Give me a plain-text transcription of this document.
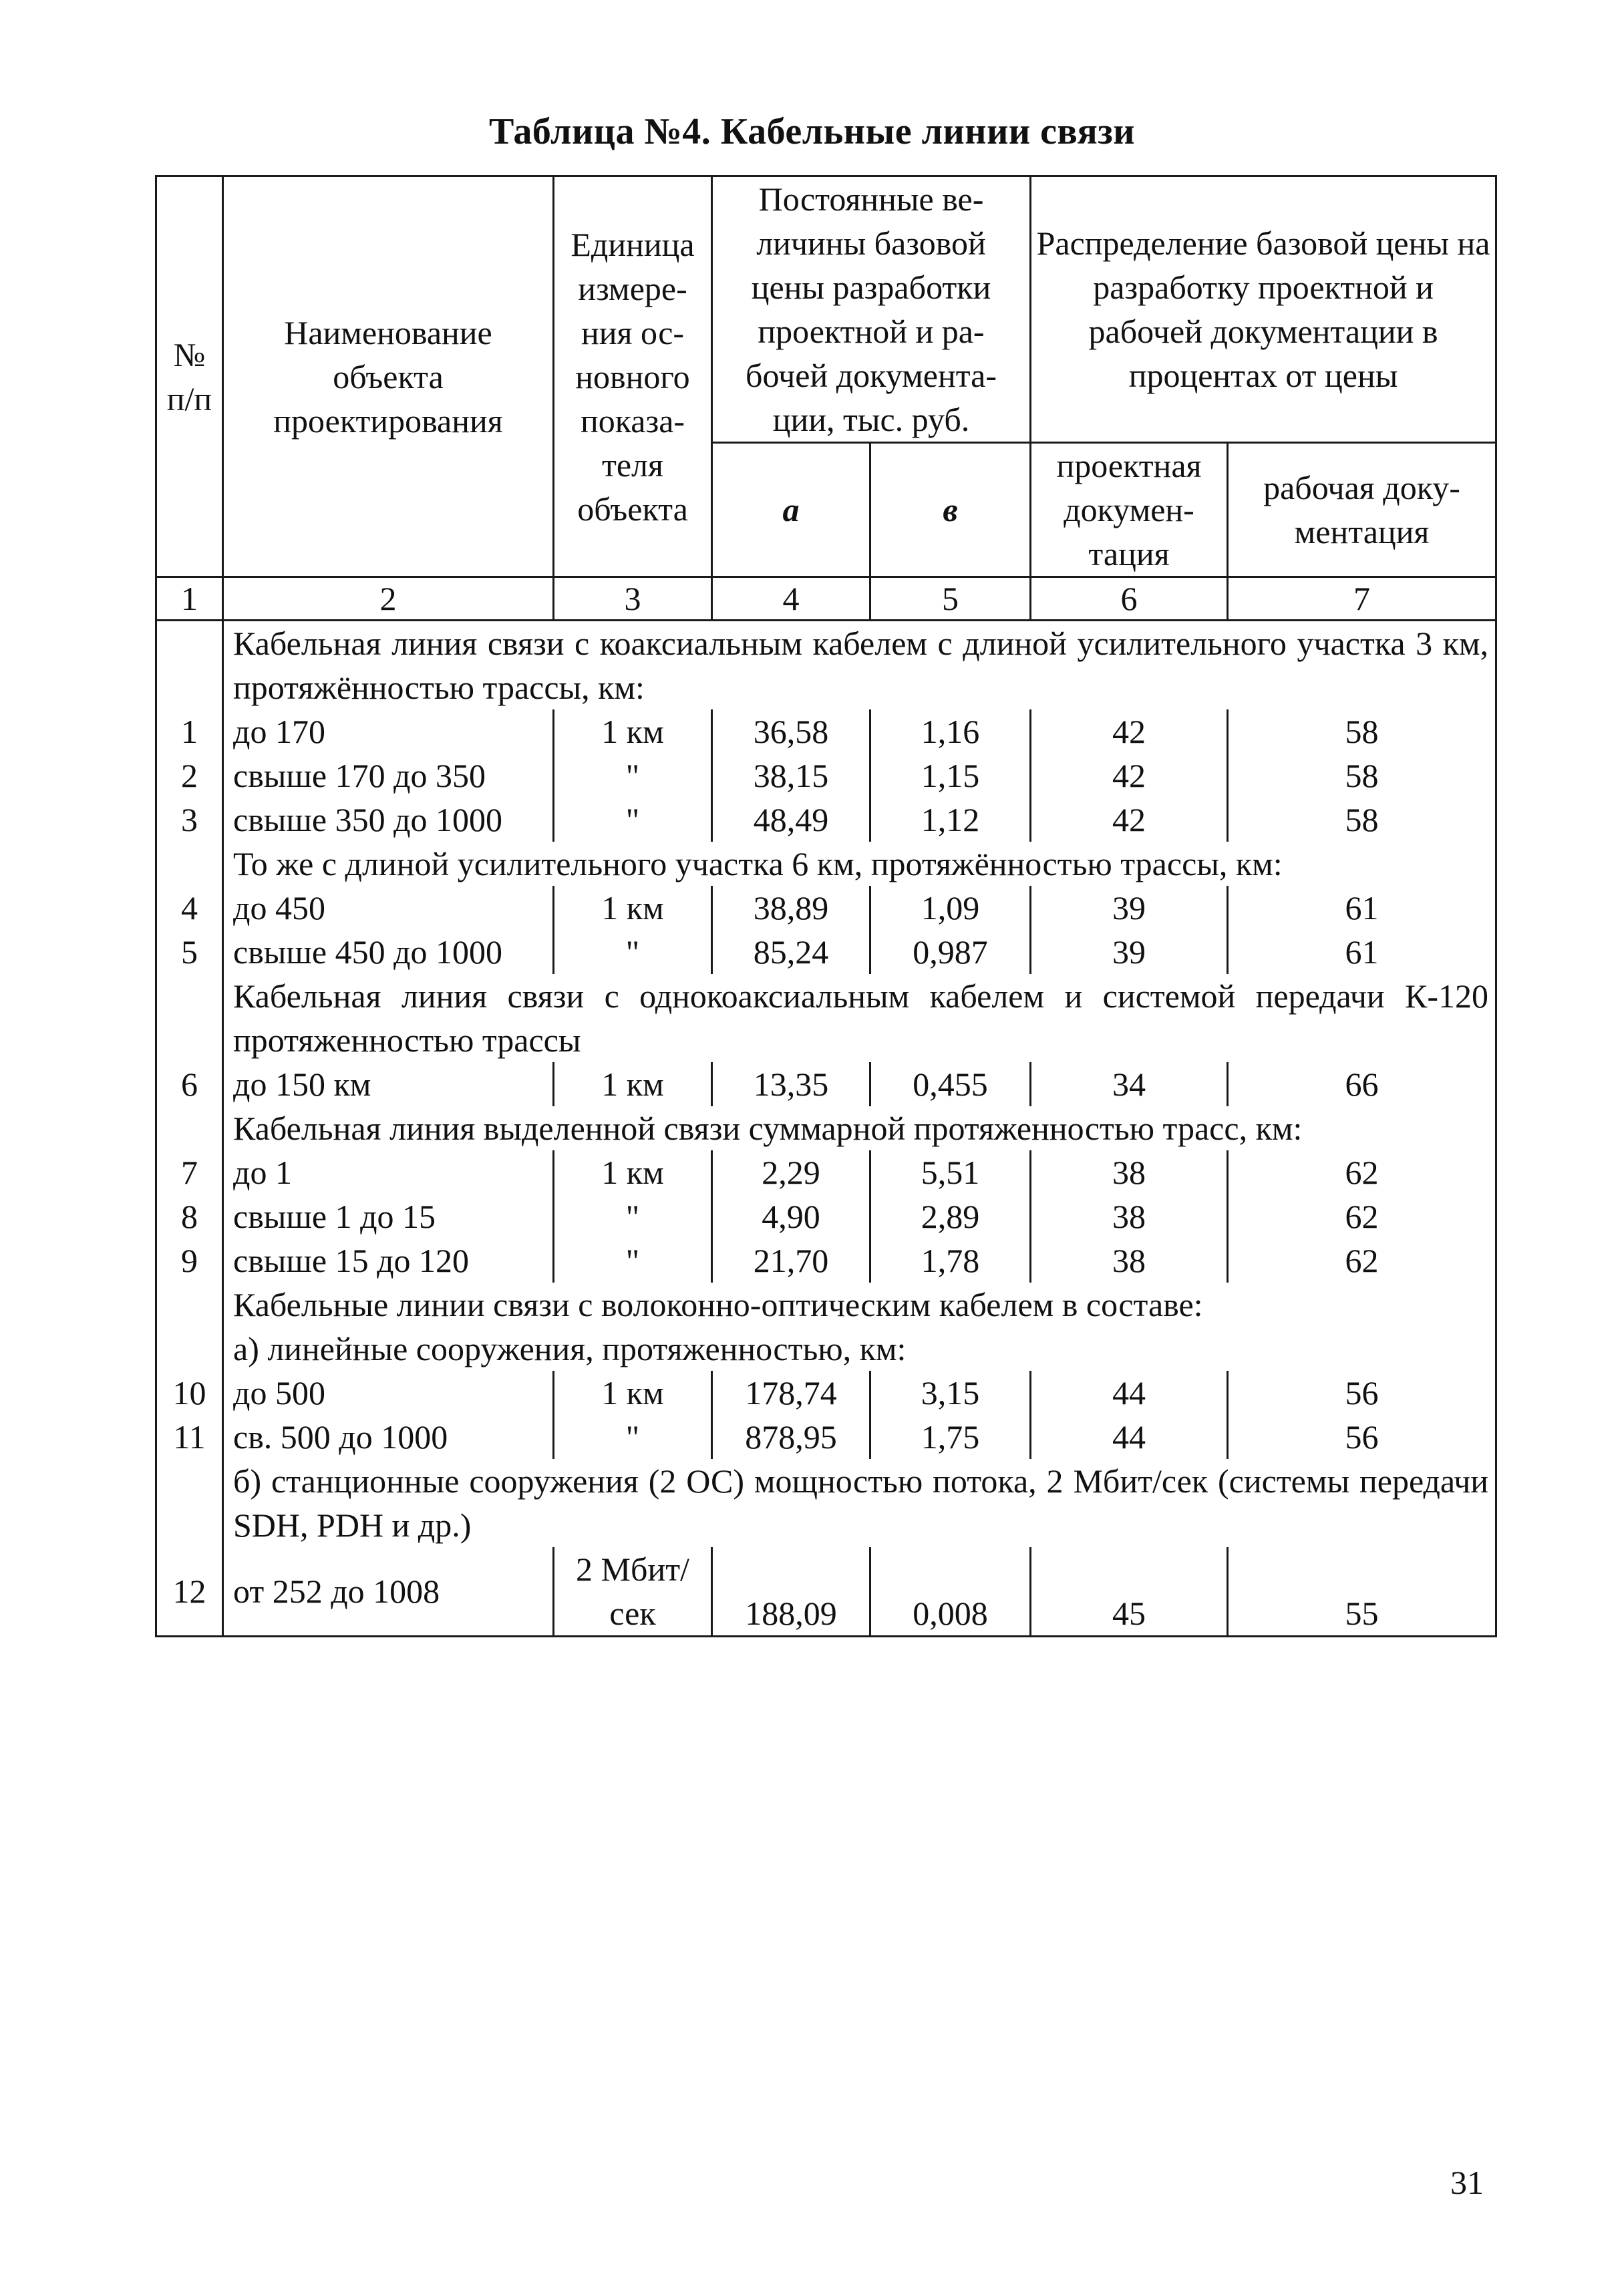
Таблица №4. Кабельные линии связи
№ п/п	Наименование объекта проектирования	Единица измере-ния ос-новного показа-теля объекта	Постоянные ве-личины базовой цены разработки проектной и ра-бочей документа-ции, тыс. руб.		Распределение базовой цены на разработку проектной и рабочей документации в процентах от цены	
			а	в	проектная докумен-тация	рабочая доку-ментация
1	2	3	4	5	6	7
	Кабельная линия связи с коаксиальным кабелем с длиной усилительного участка 3 км, протяжённостью трассы, км:					
1	до 170	1 км	36,58	1,16	42	58
2	свыше 170 до 350	"	38,15	1,15	42	58
3	свыше 350 до 1000	"	48,49	1,12	42	58
	То же с длиной усилительного участка 6 км, протяжённостью трассы, км:					
4	до 450	1 км	38,89	1,09	39	61
5	свыше 450 до 1000	"	85,24	0,987	39	61
	Кабельная линия связи с однокоаксиальным кабелем и системой передачи К-120 протяженностью трассы					
6	до 150 км	1 км	13,35	0,455	34	66
	Кабельная линия выделенной связи суммарной протяженностью трасс, км:					
7	до 1	1 км	2,29	5,51	38	62
8	свыше 1 до 15	"	4,90	2,89	38	62
9	свыше 15 до 120	"	21,70	1,78	38	62
	Кабельные линии связи с волоконно-оптическим кабелем в составе:					
	а) линейные сооружения, протяженностью, км:					
10	до 500	1 км	178,74	3,15	44	56
11	св. 500 до 1000	"	878,95	1,75	44	56
	б) станционные сооружения (2 ОС) мощностью потока, 2 Мбит/сек (системы передачи SDH, PDH и др.)					
12	от 252 до 1008	2 Мбит/ сек	188,09	0,008	45	55
31
